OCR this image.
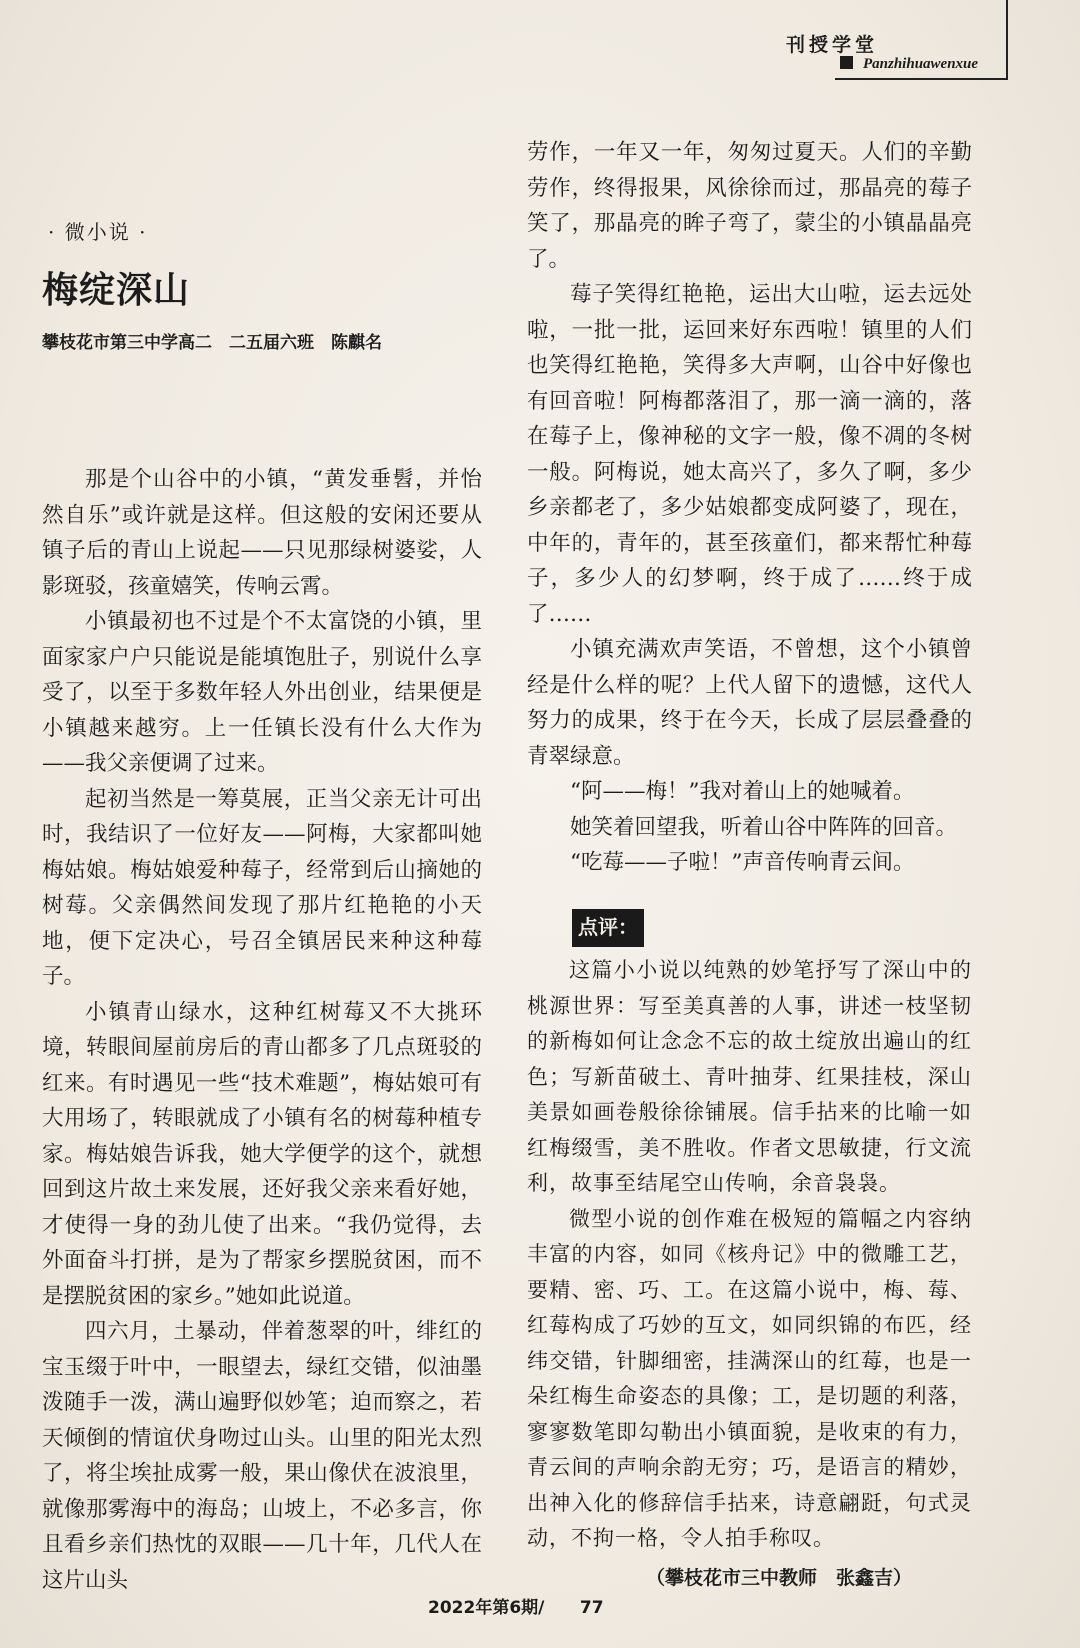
刊授学堂
Panzhihuawenxue
· 微小说 ·
梅绽深山
攀枝花市第三中学高二　二五届六班　陈麒名

那是个山谷中的小镇，“黄发垂髫，并怡然自乐”或许就是这样。但这般的安闲还要从镇子后的青山上说起——只见那绿树婆娑，人影斑驳，孩童嬉笑，传响云霄。

小镇最初也不过是个不太富饶的小镇，里面家家户户只能说是能填饱肚子，别说什么享受了，以至于多数年轻人外出创业，结果便是小镇越来越穷。上一任镇长没有什么大作为——我父亲便调了过来。

起初当然是一筹莫展，正当父亲无计可出时，我结识了一位好友——阿梅，大家都叫她梅姑娘。梅姑娘爱种莓子，经常到后山摘她的树莓。父亲偶然间发现了那片红艳艳的小天地，便下定决心，号召全镇居民来种这种莓子。

小镇青山绿水，这种红树莓又不大挑环境，转眼间屋前房后的青山都多了几点斑驳的红来。有时遇见一些“技术难题”，梅姑娘可有大用场了，转眼就成了小镇有名的树莓种植专家。梅姑娘告诉我，她大学便学的这个，就想回到这片故土来发展，还好我父亲来看好她，才使得一身的劲儿使了出来。“我仍觉得，去外面奋斗打拼，是为了帮家乡摆脱贫困，而不是摆脱贫困的家乡。”她如此说道。

四六月，土暴动，伴着葱翠的叶，绯红的宝玉缀于叶中，一眼望去，绿红交错，似油墨泼随手一泼，满山遍野似妙笔；迫而察之，若天倾倒的情谊伏身吻过山头。山里的阳光太烈了，将尘埃扯成雾一般，果山像伏在波浪里，就像那雾海中的海岛；山坡上，不必多言，你且看乡亲们热忱的双眼——几十年，几代人在这片山头

劳作，一年又一年，匆匆过夏天。人们的辛勤劳作，终得报果，风徐徐而过，那晶亮的莓子笑了，那晶亮的眸子弯了，蒙尘的小镇晶晶亮了。

莓子笑得红艳艳，运出大山啦，运去远处啦，一批一批，运回来好东西啦！镇里的人们也笑得红艳艳，笑得多大声啊，山谷中好像也有回音啦！阿梅都落泪了，那一滴一滴的，落在莓子上，像神秘的文字一般，像不凋的冬树一般。阿梅说，她太高兴了，多久了啊，多少乡亲都老了，多少姑娘都变成阿婆了，现在，中年的，青年的，甚至孩童们，都来帮忙种莓子，多少人的幻梦啊，终于成了……终于成了……

小镇充满欢声笑语，不曾想，这个小镇曾经是什么样的呢？上代人留下的遗憾，这代人努力的成果，终于在今天，长成了层层叠叠的青翠绿意。

“阿——梅！”我对着山上的她喊着。

她笑着回望我，听着山谷中阵阵的回音。

“吃莓——子啦！”声音传响青云间。

点评：

这篇小小说以纯熟的妙笔抒写了深山中的桃源世界：写至美真善的人事，讲述一枝坚韧的新梅如何让念念不忘的故土绽放出遍山的红色；写新苗破土、青叶抽芽、红果挂枝，深山美景如画卷般徐徐铺展。信手拈来的比喻一如红梅缀雪，美不胜收。作者文思敏捷，行文流利，故事至结尾空山传响，余音袅袅。

微型小说的创作难在极短的篇幅之内容纳丰富的内容，如同《核舟记》中的微雕工艺，要精、密、巧、工。在这篇小说中，梅、莓、红莓构成了巧妙的互文，如同织锦的布匹，经纬交错，针脚细密，挂满深山的红莓，也是一朵红梅生命姿态的具像；工，是切题的利落，寥寥数笔即勾勒出小镇面貌，是收束的有力，青云间的声响余韵无穷；巧，是语言的精妙，出神入化的修辞信手拈来，诗意翩跹，句式灵动，不拘一格，令人拍手称叹。

（攀枝花市三中教师　张鑫吉）
2022年第6期/ 77
